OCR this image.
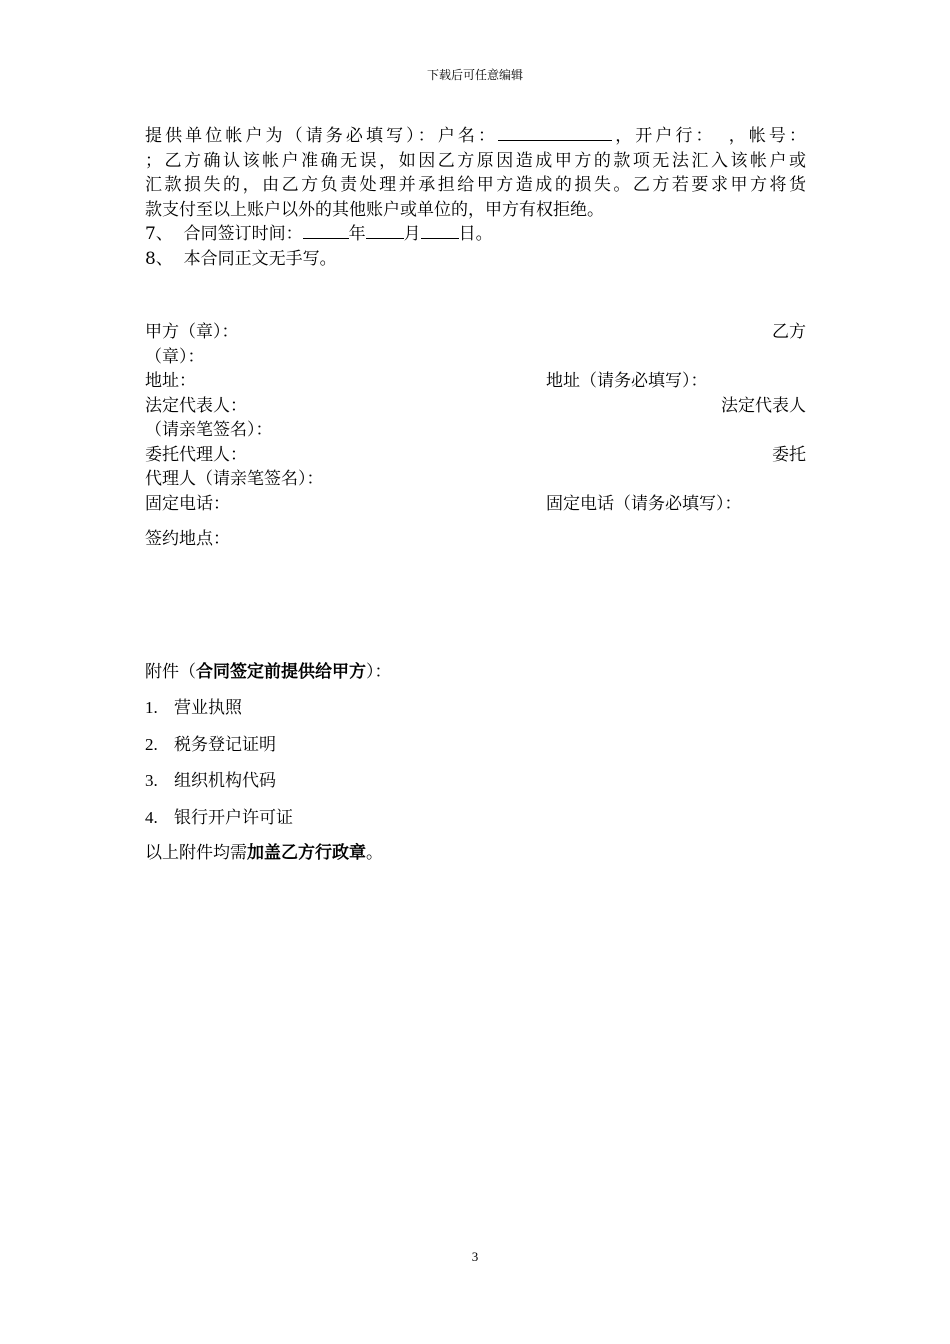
下载后可任意编辑

提供单位帐户为（请务必填写）：户名：	，开户行： ，帐号：

；乙方确认该帐户准确无误，如因乙方原因造成甲方的款项无法汇入该帐户或

汇款损失的，由乙方负责处理并承担给甲方造成的损失。乙方若要求甲方将货

款支付至以上账户以外的其他账户或单位的，甲方有权拒绝。

7、 合同签订时间：	年 月 日。

8、 本合同正文无手写。

甲方（章）：	乙方
（章）：
地址：	地址（请务必填写）：
法定代表人：	法定代表人
（请亲笔签名）：
委托代理人：	委托
代理人（请亲笔签名）：
固定电话：	固定电话（请务必填写）：
签约地点：

附件（合同签定前提供给甲方）：

1. 营业执照

2. 税务登记证明

3. 组织机构代码

4. 银行开户许可证

以上附件均需加盖乙方行政章。

3
